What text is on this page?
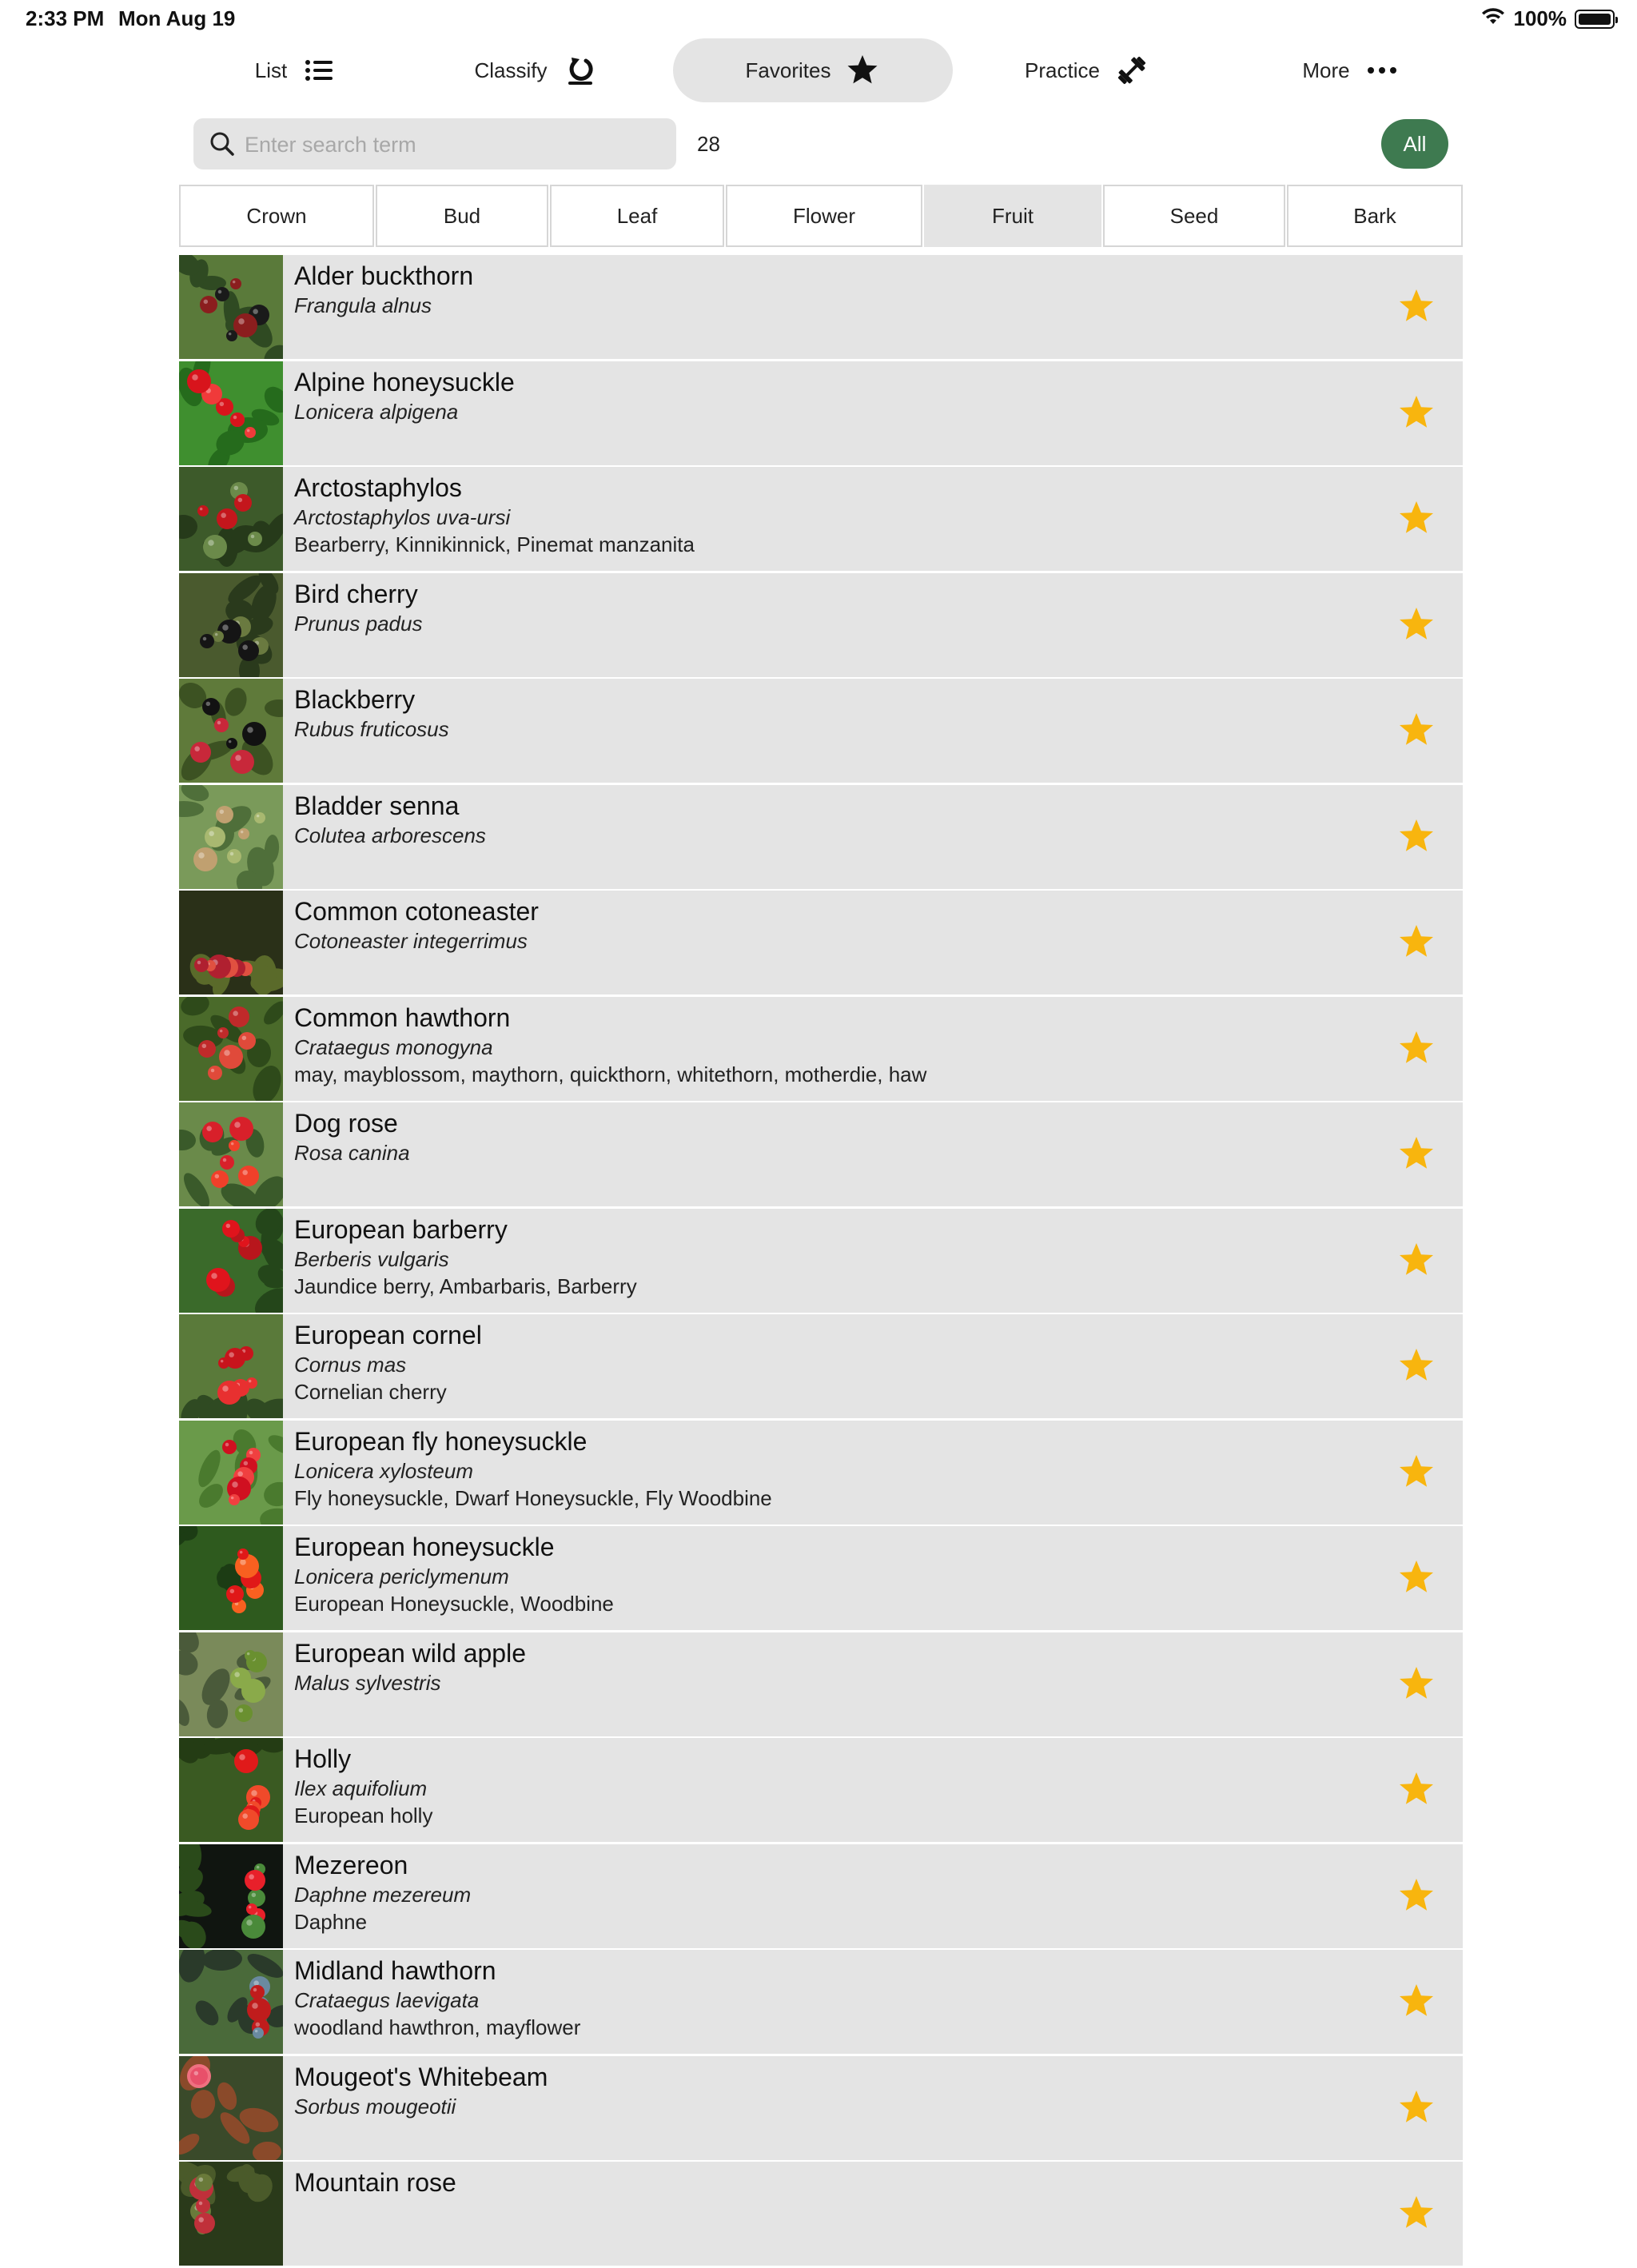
2:33 PM Mon Aug 19	100%
List	Classify	Favorites	Practice	More
Enter search term
28	All
Crown	Bud	Leaf	Flower	Fruit	Seed	Bark
Alder buckthorn
Frangula alnus
Alpine honeysuckle
Lonicera alpigena
Arctostaphylos
Arctostaphylos uva-ursi
Bearberry, Kinnikinnick, Pinemat manzanita
Bird cherry
Prunus padus
Blackberry
Rubus fruticosus
Bladder senna
Colutea arborescens
Common cotoneaster
Cotoneaster integerrimus
Common hawthorn
Crataegus monogyna
may, mayblossom, maythorn, quickthorn, whitethorn, motherdie, haw
Dog rose
Rosa canina
European barberry
Berberis vulgaris
Jaundice berry, Ambarbaris, Barberry
European cornel
Cornus mas
Cornelian cherry
European fly honeysuckle
Lonicera xylosteum
Fly honeysuckle, Dwarf Honeysuckle, Fly Woodbine
European honeysuckle
Lonicera periclymenum
European Honeysuckle, Woodbine
European wild apple
Malus sylvestris
Holly
Ilex aquifolium
European holly
Mezereon
Daphne mezereum
Daphne
Midland hawthorn
Crataegus laevigata
woodland hawthron, mayflower
Mougeot's Whitebeam
Sorbus mougeotii
Mountain rose
